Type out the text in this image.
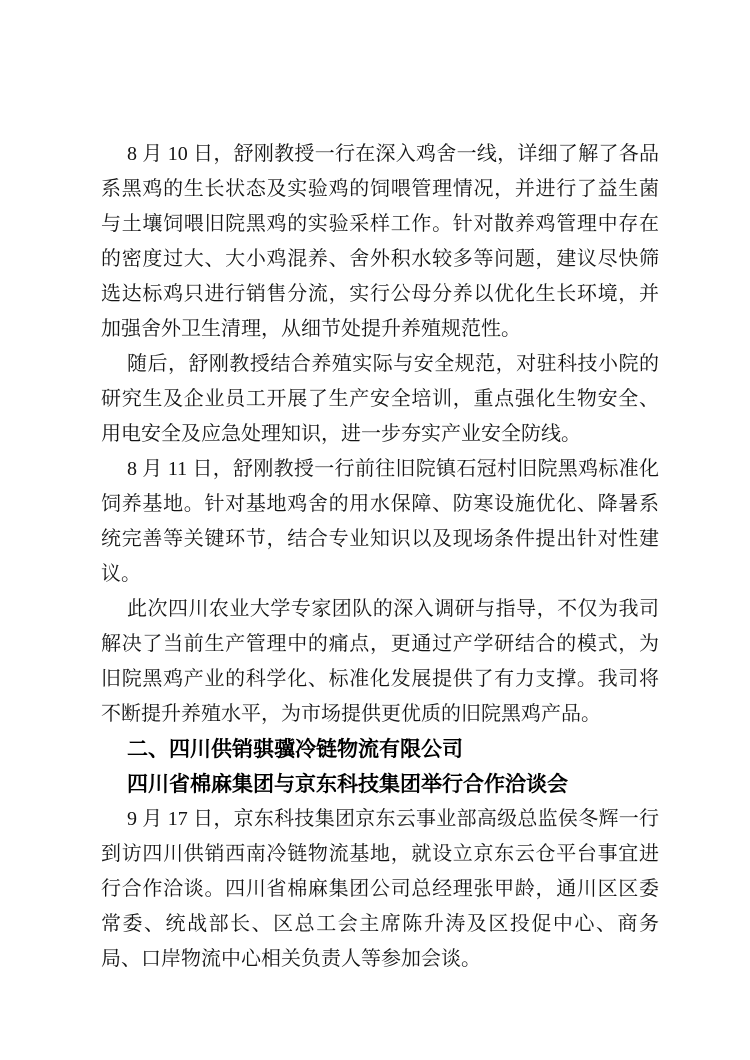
8 月 10 日，舒刚教授一行在深入鸡舍一线，详细了解了各品系黑鸡的生长状态及实验鸡的饲喂管理情况，并进行了益生菌与土壤饲喂旧院黑鸡的实验采样工作。针对散养鸡管理中存在的密度过大、大小鸡混养、舍外积水较多等问题，建议尽快筛选达标鸡只进行销售分流，实行公母分养以优化生长环境，并加强舍外卫生清理，从细节处提升养殖规范性。

随后，舒刚教授结合养殖实际与安全规范，对驻科技小院的研究生及企业员工开展了生产安全培训，重点强化生物安全、用电安全及应急处理知识，进一步夯实产业安全防线。

8 月 11 日，舒刚教授一行前往旧院镇石冠村旧院黑鸡标准化饲养基地。针对基地鸡舍的用水保障、防寒设施优化、降暑系统完善等关键环节，结合专业知识以及现场条件提出针对性建议。

此次四川农业大学专家团队的深入调研与指导，不仅为我司解决了当前生产管理中的痛点，更通过产学研结合的模式，为旧院黑鸡产业的科学化、标准化发展提供了有力支撑。我司将不断提升养殖水平，为市场提供更优质的旧院黑鸡产品。

二、四川供销骐骥冷链物流有限公司

四川省棉麻集团与京东科技集团举行合作洽谈会

9 月 17 日，京东科技集团京东云事业部高级总监侯冬辉一行到访四川供销西南冷链物流基地，就设立京东云仓平台事宜进行合作洽谈。四川省棉麻集团公司总经理张甲龄，通川区区委常委、统战部长、区总工会主席陈升涛及区投促中心、商务局、口岸物流中心相关负责人等参加会谈。
